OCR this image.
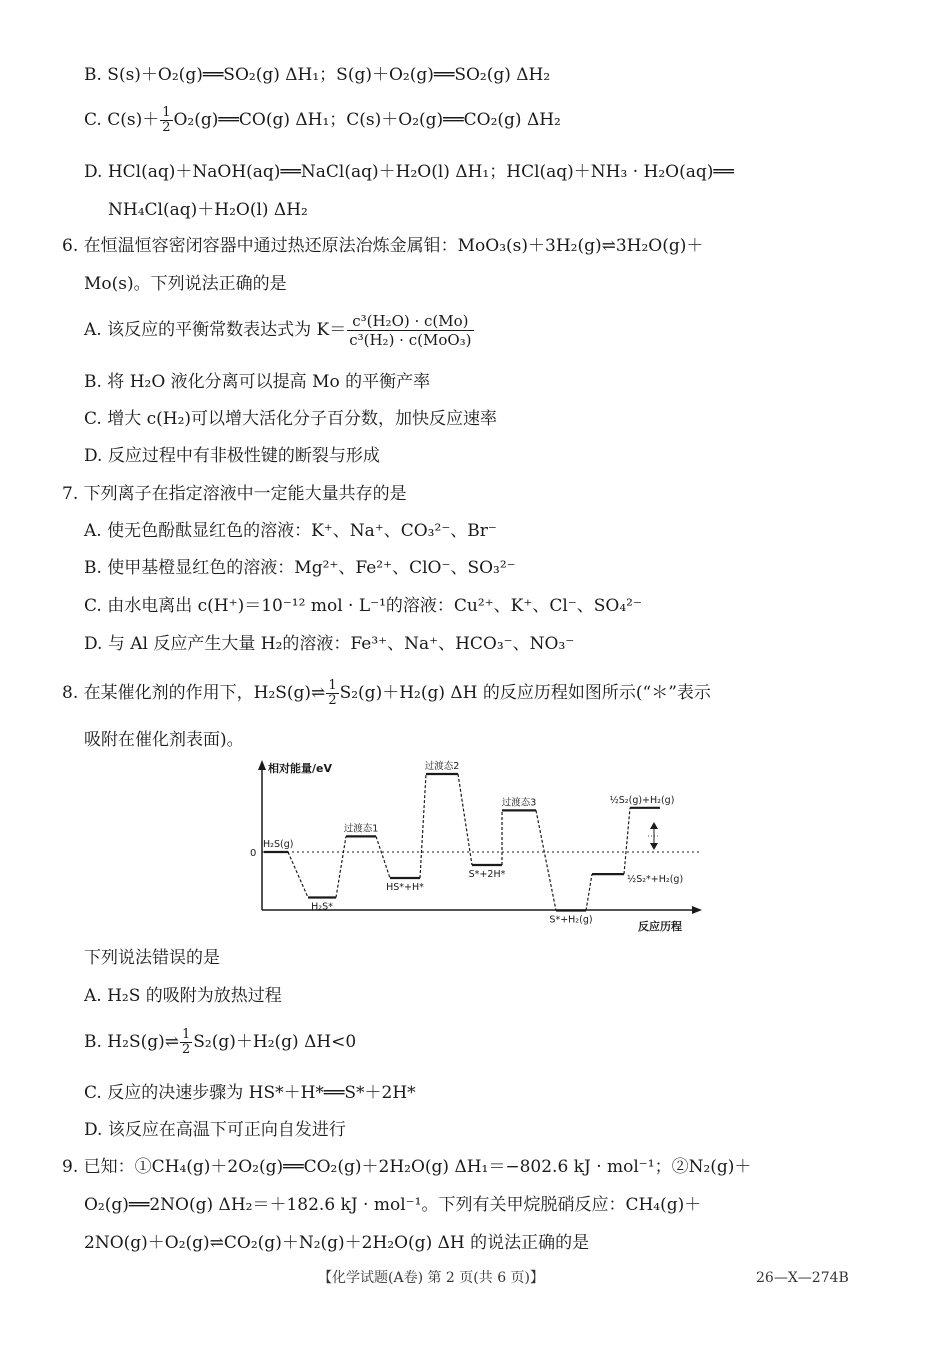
B. S(s)＋O₂(g)══SO₂(g) ΔH₁；S(g)＋O₂(g)══SO₂(g) ΔH₂
C. $C(s)+ \frac{1}{2}$ O₂(g)══CO(g) ΔH₁；C(s)＋O₂(g)══CO₂(g) ΔH₂
D. HCl(aq)＋NaOH(aq)══NaCl(aq)＋H₂O(l) ΔH₁；HCl(aq)＋NH₃ · H₂O(aq)══
NH₄Cl(aq)＋H₂O(l) ΔH₂
6. 在恒温恒容密闭容器中通过热还原法冶炼金属钼：MoO₃(s)＋3H₂(g)⇌3H₂O(g)＋
Mo(s)。下列说法正确的是
A. 该反应的平衡常数表达式为 $K= \frac{\text{c³(H₂O) · c(Mo)}}{\text{c³(H₂) · c(MoO₃)}}$
B. 将 H₂O 液化分离可以提高 Mo 的平衡产率
C. 增大 c(H₂)可以增大活化分子百分数，加快反应速率
D. 反应过程中有非极性键的断裂与形成
7. 下列离子在指定溶液中一定能大量共存的是
A. 使无色酚酞显红色的溶液：K⁺、Na⁺、CO₃²⁻、Br⁻
B. 使甲基橙显红色的溶液：Mg²⁺、Fe²⁺、ClO⁻、SO₃²⁻
C. 由水电离出 c(H⁺)＝10⁻¹² mol · L⁻¹的溶液：Cu²⁺、K⁺、Cl⁻、SO₄²⁻
D. 与 Al 反应产生大量 H₂的溶液：Fe³⁺、Na⁺、HCO₃⁻、NO₃⁻
8. 在某催化剂的作用下，H₂S(g)⇌ $\frac{1}{2} S_2(g)+H_2(g)$ ΔH 的反应历程如图所示(“＊”表示
吸附在催化剂表面)。
相对能量/eV
反应历程
0
H₂S(g)
H₂S*
过渡态1
HS*+H*
过渡态2
S*+2H*
过渡态3
S*+H₂(g)
½S₂*+H₂(g)
½S₂(g)+H₂(g)
下列说法错误的是
A. H₂S 的吸附为放热过程
B. H₂S(g)⇌ $\frac{1}{2} S_2(g)+H_2(g)$ ΔH<0
C. 反应的决速步骤为 HS*＋H*══S*＋2H*
D. 该反应在高温下可正向自发进行
9. 已知：①CH₄(g)＋2O₂(g)══CO₂(g)＋2H₂O(g) ΔH₁＝−802.6 kJ · mol⁻¹；②N₂(g)＋
O₂(g)══2NO(g) ΔH₂＝＋182.6 kJ · mol⁻¹。下列有关甲烷脱硝反应：CH₄(g)＋
2NO(g)＋O₂(g)⇌CO₂(g)＋N₂(g)＋2H₂O(g) ΔH 的说法正确的是
【化学试题(A卷) 第 2 页(共 6 页)】	26—X—274B
